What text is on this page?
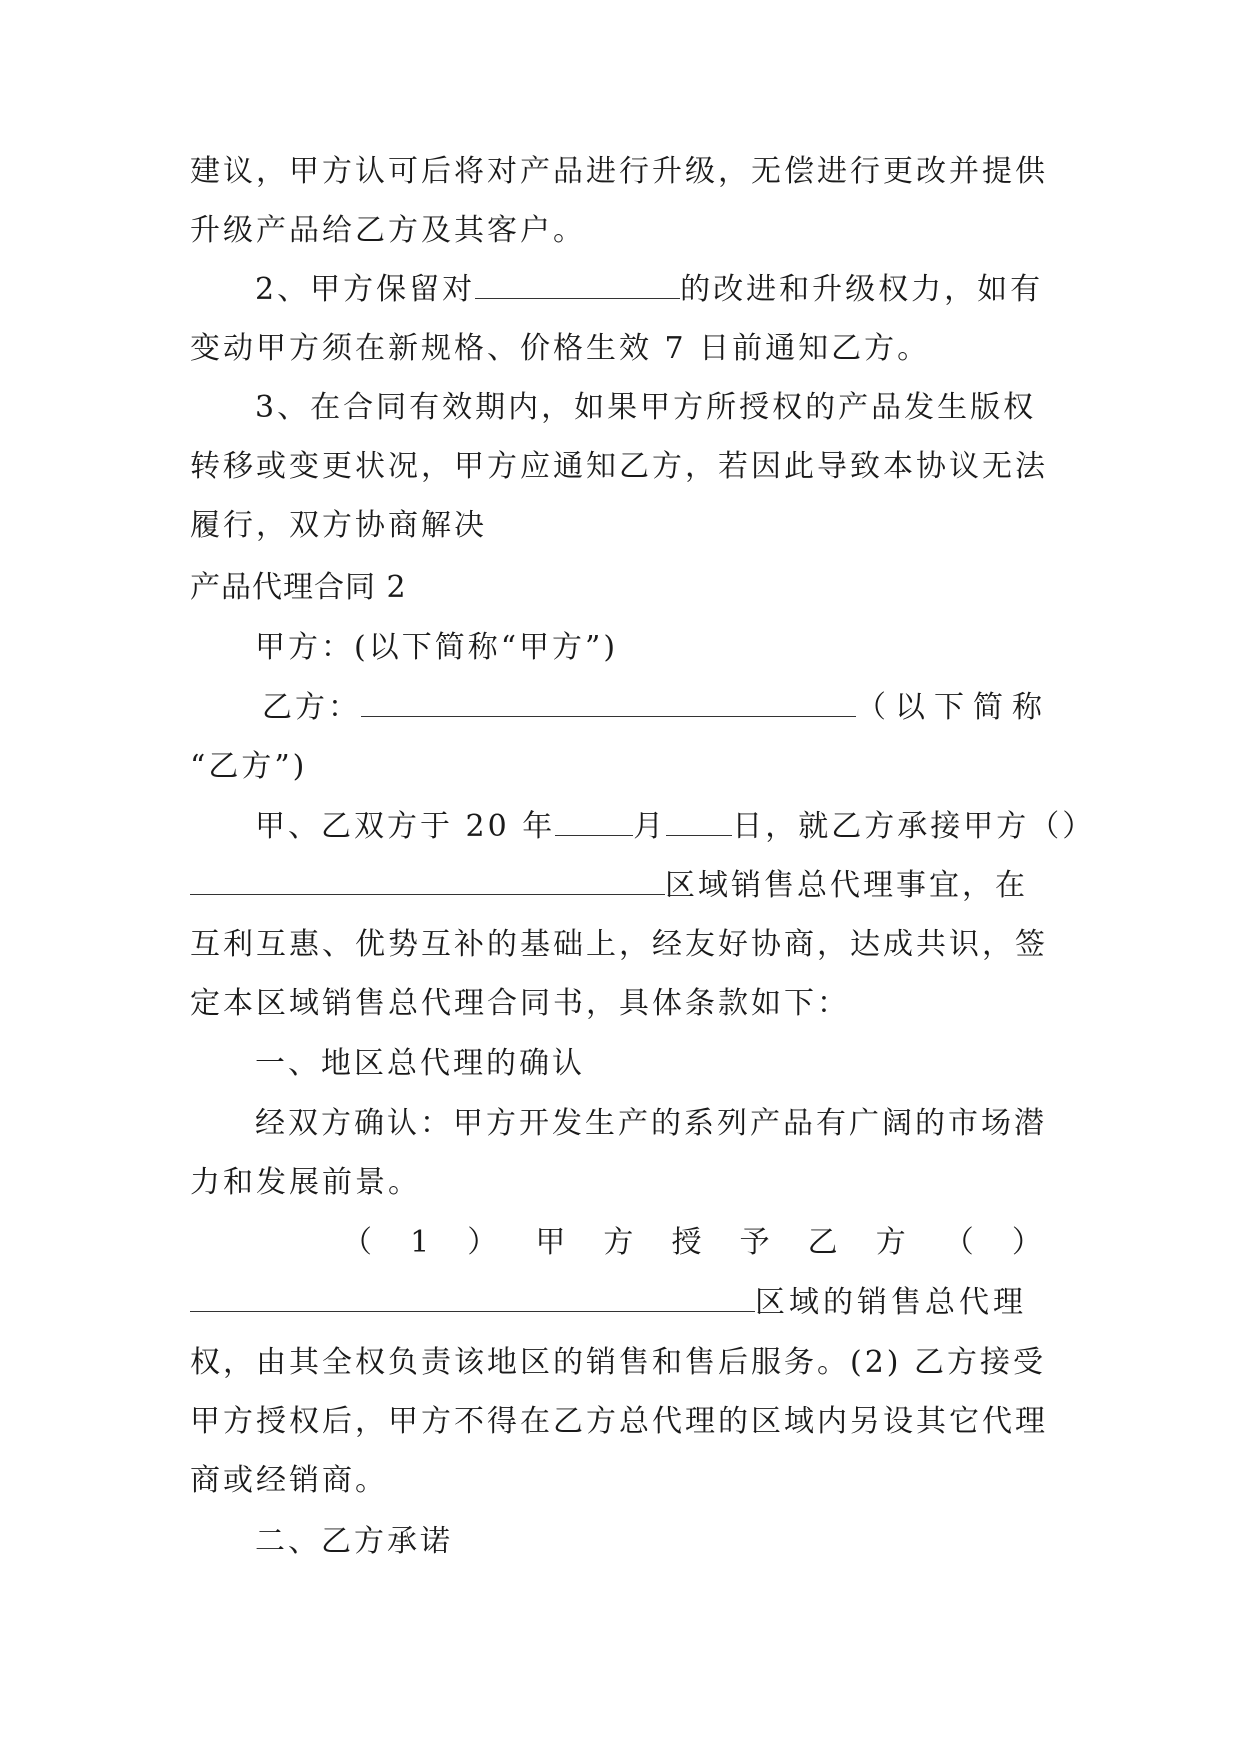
建议，甲方认可后将对产品进行升级，无偿进行更改并提供
升级产品给乙方及其客户。
2、甲方保留对	的改进和升级权力，如有
变动甲方须在新规格、价格生效 7 日前通知乙方。
3、在合同有效期内，如果甲方所授权的产品发生版权
转移或变更状况，甲方应通知乙方，若因此导致本协议无法
履行，双方协商解决
产品代理合同 2
甲方：(以下简称“甲方”)
乙方：	（以下简称
“乙方”)
甲、乙双方于 20 年	月 日，就乙方承接甲方（）
区域销售总代理事宜，在
互利互惠、优势互补的基础上，经友好协商，达成共识，签
定本区域销售总代理合同书，具体条款如下：
一、地区总代理的确认
经双方确认：甲方开发生产的系列产品有广阔的市场潜
力和发展前景。
（ 1 ） 甲 方 授 予 乙 方 （ ）
区域的销售总代理
权，由其全权负责该地区的销售和售后服务。(2) 乙方接受
甲方授权后，甲方不得在乙方总代理的区域内另设其它代理
商或经销商。
二、乙方承诺
